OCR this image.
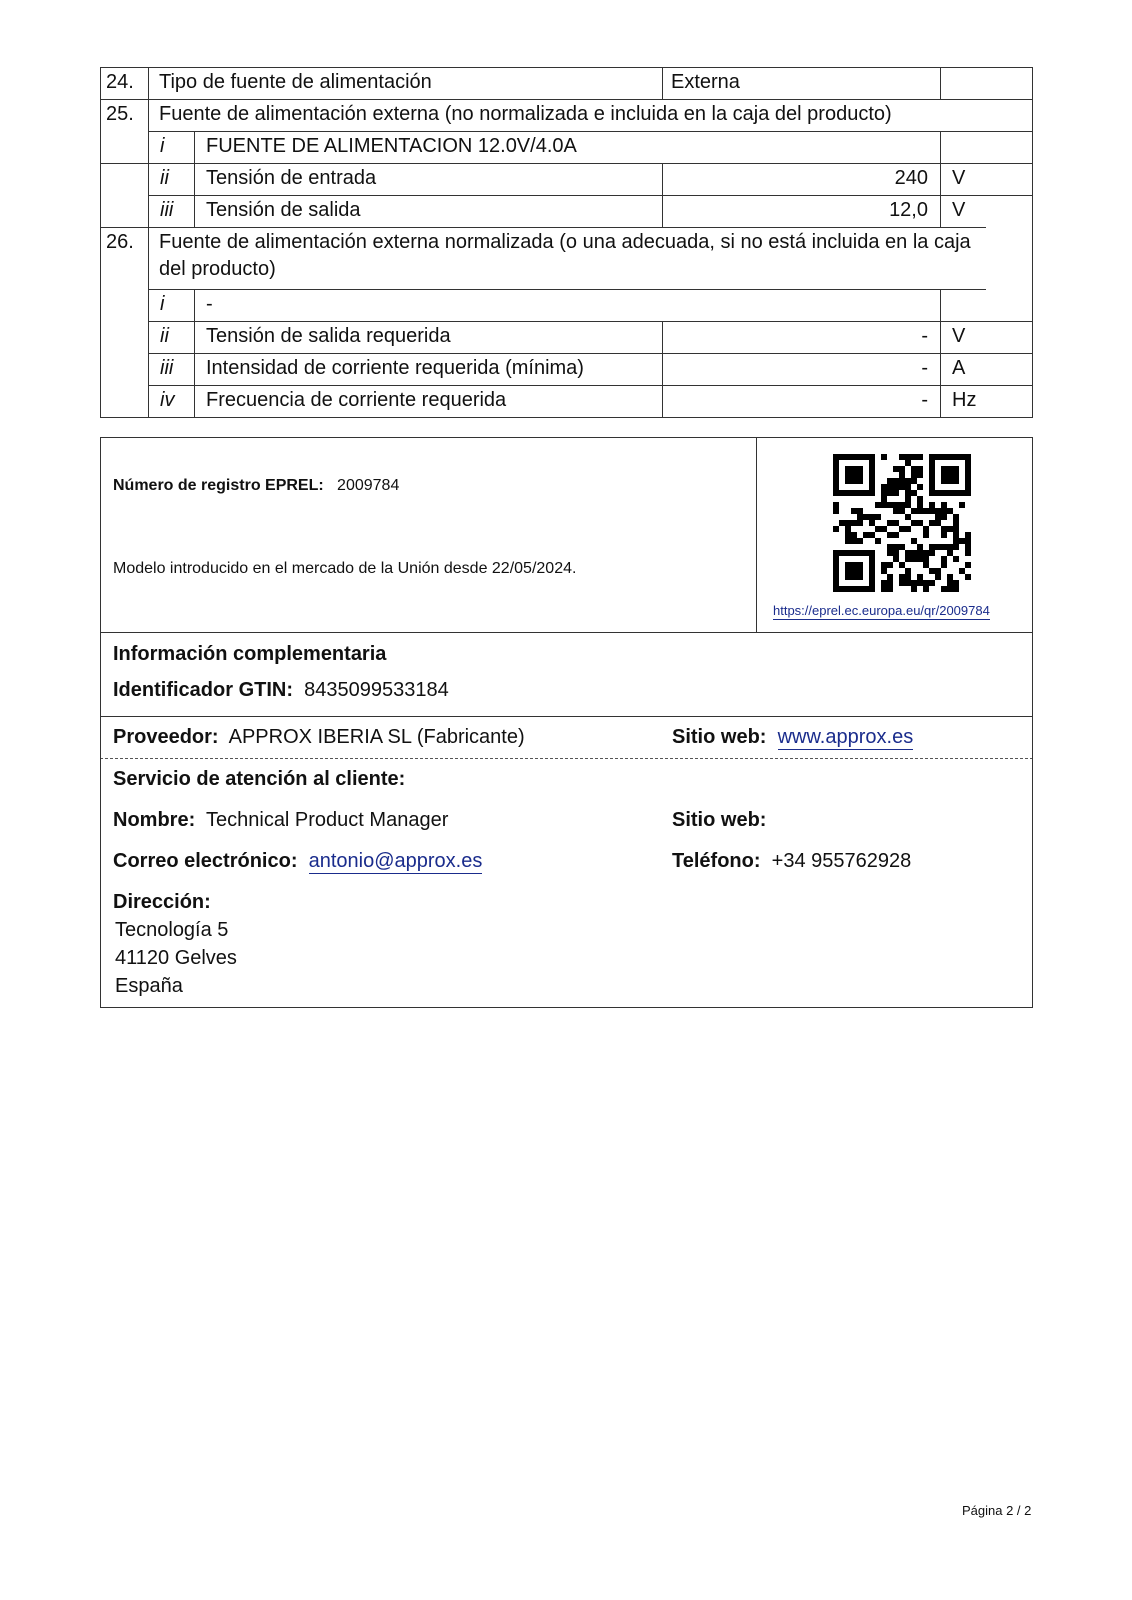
24. Tipo de fuente de alimentación	Externa
25. Fuente de alimentación externa (no normalizada e incluida en la caja del producto)
i FUENTE DE ALIMENTACION 12.0V/4.0A
ii Tensión de entrada	240 V
iii Tensión de salida	12,0 V
26. Fuente de alimentación externa normalizada (o una adecuada, si no está incluida en la caja
del producto)
i -
ii Tensión de salida requerida	- V
iii Intensidad de corriente requerida (mínima)	- A
iv Frecuencia de corriente requerida	- Hz
Número de registro EPREL: 2009784
Modelo introducido en el mercado de la Unión desde 22/05/2024.
https://eprel.ec.europa.eu/qr/2009784
Información complementaria
Identificador GTIN: 8435099533184
Proveedor: APPROX IBERIA SL (Fabricante)	Sitio web: www.approx.es
Servicio de atención al cliente:
Nombre: Technical Product Manager	Sitio web:
Correo electrónico: antonio@approx.es	Teléfono: +34 955762928
Dirección:
Tecnología 5
41120 Gelves
España
Página 2 / 2
